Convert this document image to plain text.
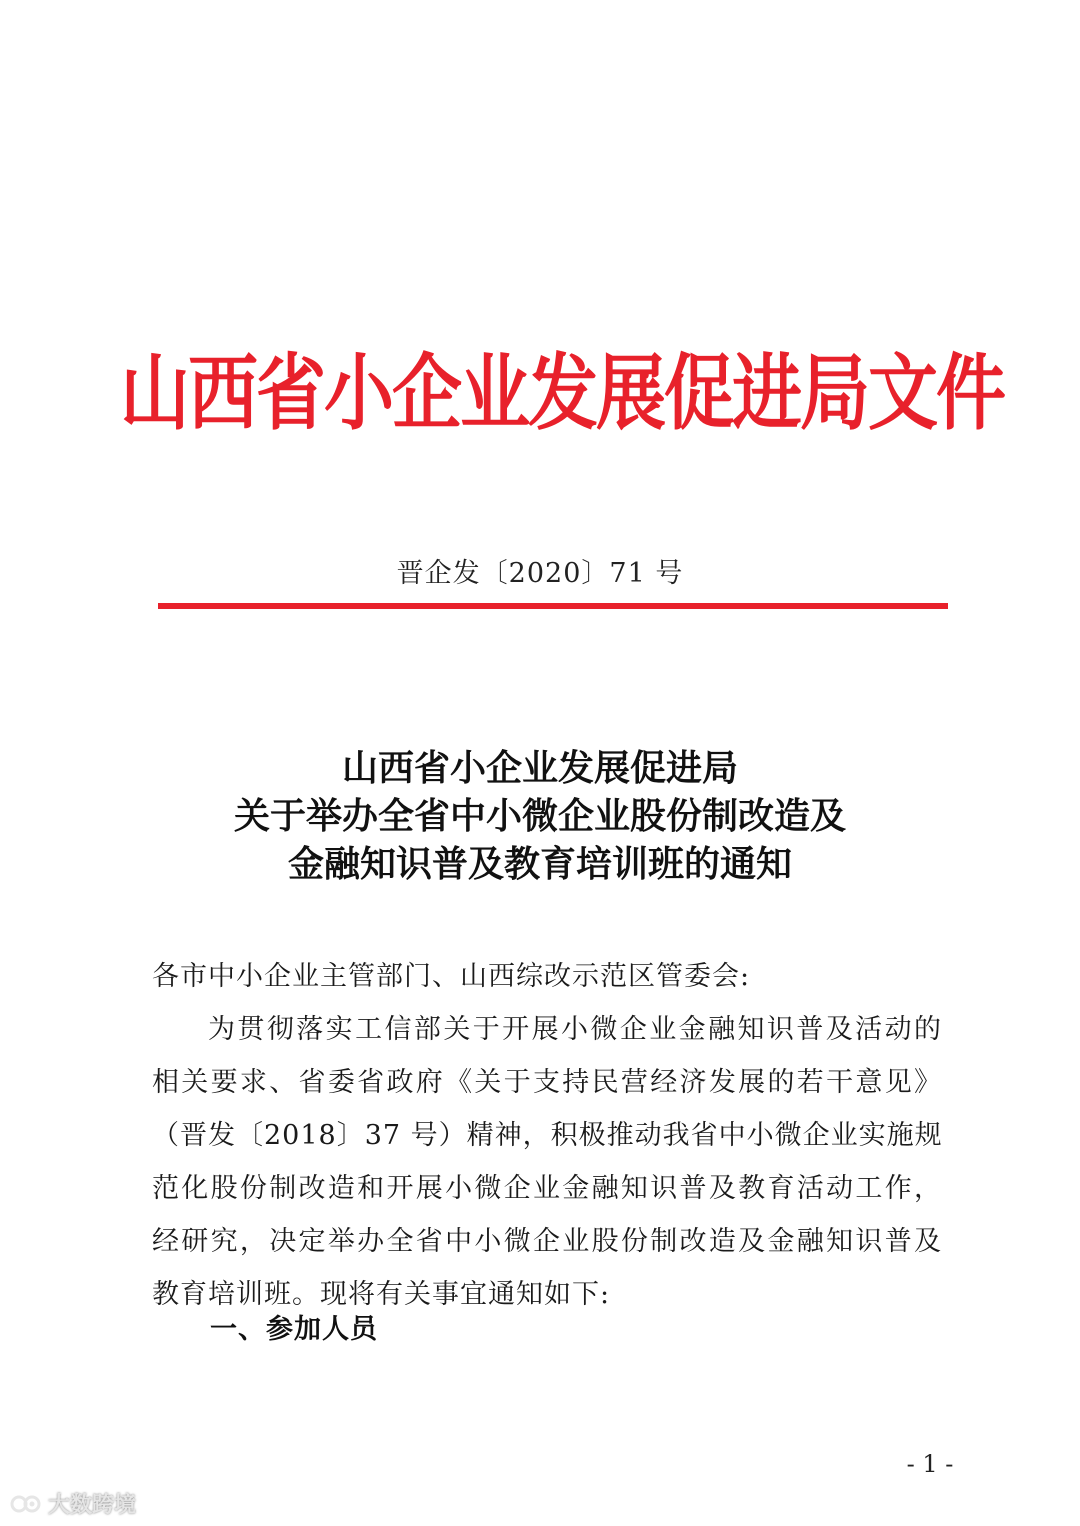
山西省小企业发展促进局文件
晋企发〔2020〕71 号
山西省小企业发展促进局
关于举办全省中小微企业股份制改造及
金融知识普及教育培训班的通知
各市中小企业主管部门、山西综改示范区管委会:
为贯彻落实工信部关于开展小微企业金融知识普及活动的
相关要求、省委省政府《关于支持民营经济发展的若干意见》
（晋发〔2018〕37 号）精神，积极推动我省中小微企业实施规
范化股份制改造和开展小微企业金融知识普及教育活动工作，
经研究，决定举办全省中小微企业股份制改造及金融知识普及
教育培训班。现将有关事宜通知如下:
一、参加人员
- 1 -
大数跨境
